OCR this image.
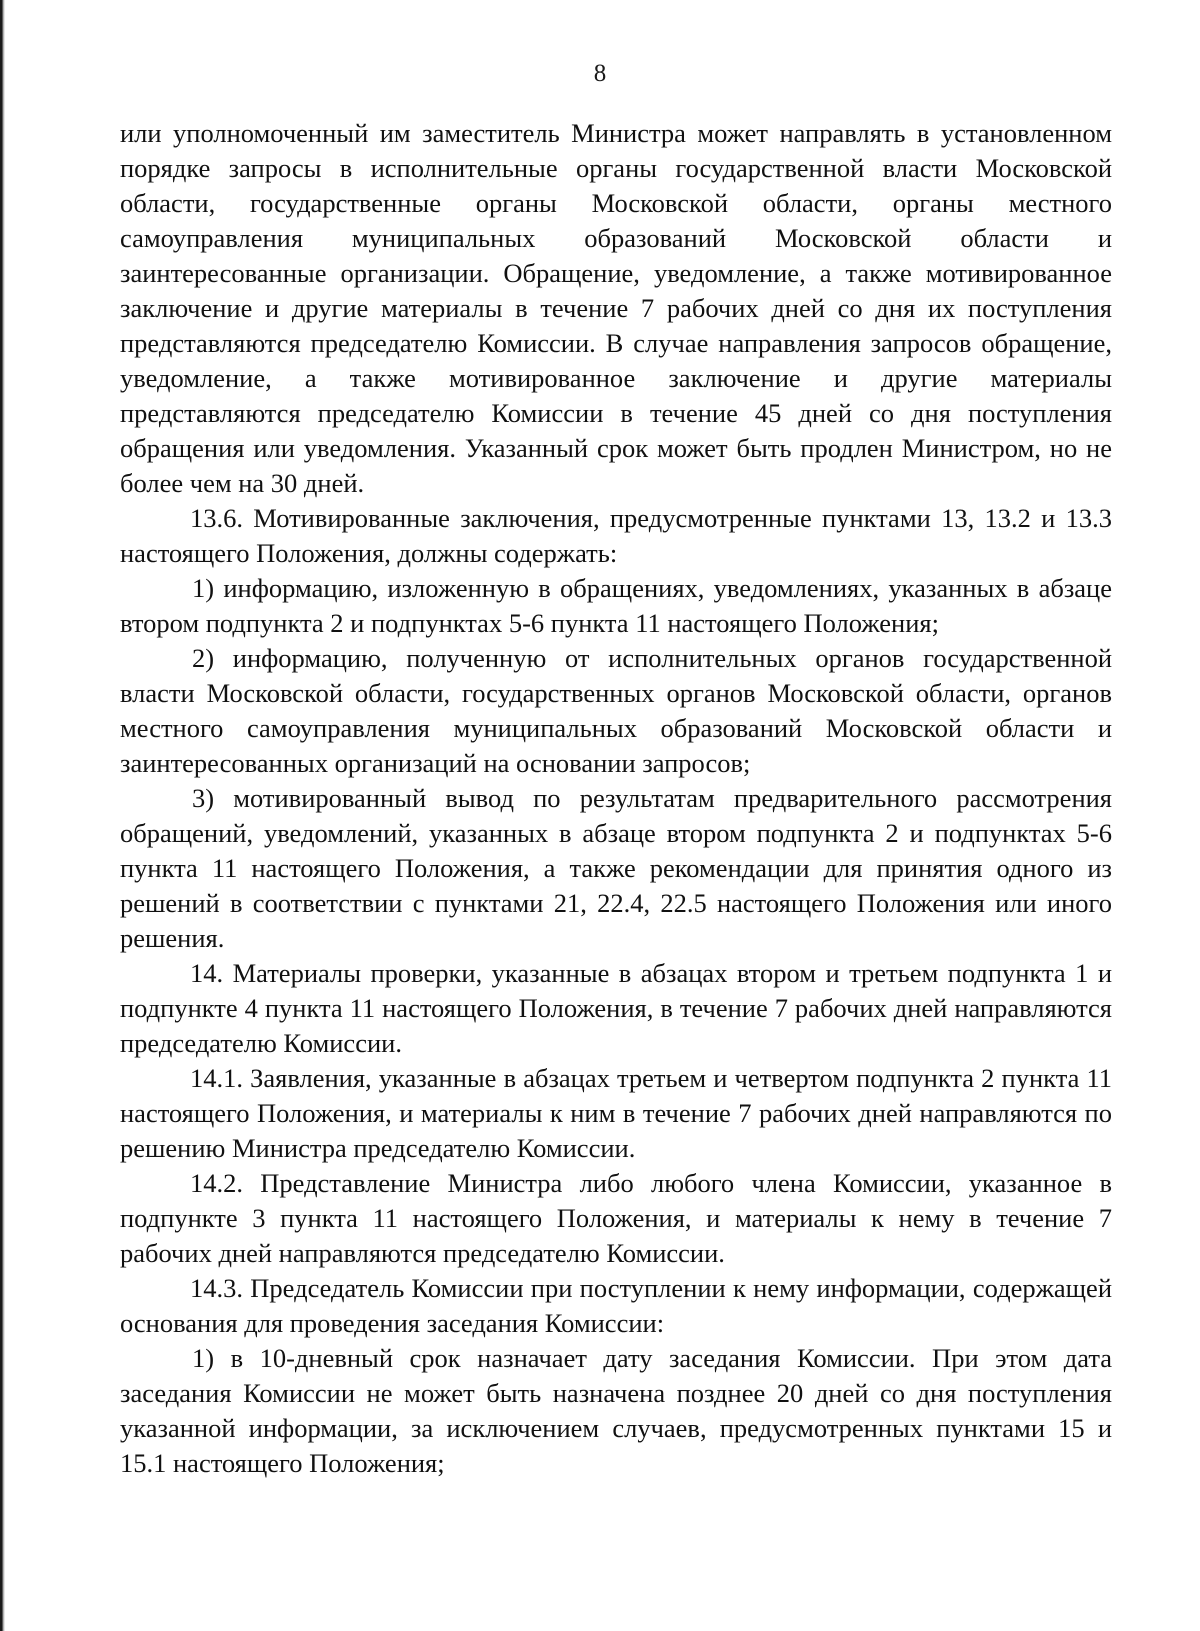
8

или уполномоченный им заместитель Министра может направлять в установленном порядке запросы в исполнительные органы государственной власти Московской области, государственные органы Московской области, органы местного самоуправления муниципальных образований Московской области и заинтересованные организации. Обращение, уведомление, а также мотивированное заключение и другие материалы в течение 7 рабочих дней со дня их поступления представляются председателю Комиссии. В случае направления запросов обращение, уведомление, а также мотивированное заключение и другие материалы представляются председателю Комиссии в течение 45 дней со дня поступления обращения или уведомления. Указанный срок может быть продлен Министром, но не более чем на 30 дней.

13.6. Мотивированные заключения, предусмотренные пунктами 13, 13.2 и 13.3 настоящего Положения, должны содержать:

1) информацию, изложенную в обращениях, уведомлениях, указанных в абзаце втором подпункта 2 и подпунктах 5-6 пункта 11 настоящего Положения;

2) информацию, полученную от исполнительных органов государственной власти Московской области, государственных органов Московской области, органов местного самоуправления муниципальных образований Московской области и заинтересованных организаций на основании запросов;

3) мотивированный вывод по результатам предварительного рассмотрения обращений, уведомлений, указанных в абзаце втором подпункта 2 и подпунктах 5-6 пункта 11 настоящего Положения, а также рекомендации для принятия одного из решений в соответствии с пунктами 21, 22.4, 22.5 настоящего Положения или иного решения.

14. Материалы проверки, указанные в абзацах втором и третьем подпункта 1 и подпункте 4 пункта 11 настоящего Положения, в течение 7 рабочих дней направляются председателю Комиссии.

14.1. Заявления, указанные в абзацах третьем и четвертом подпункта 2 пункта 11 настоящего Положения, и материалы к ним в течение 7 рабочих дней направляются по решению Министра председателю Комиссии.

14.2. Представление Министра либо любого члена Комиссии, указанное в подпункте 3 пункта 11 настоящего Положения, и материалы к нему в течение 7 рабочих дней направляются председателю Комиссии.

14.3. Председатель Комиссии при поступлении к нему информации, содержащей основания для проведения заседания Комиссии:

1) в 10-дневный срок назначает дату заседания Комиссии. При этом дата заседания Комиссии не может быть назначена позднее 20 дней со дня поступления указанной информации, за исключением случаев, предусмотренных пунктами 15 и 15.1 настоящего Положения;
